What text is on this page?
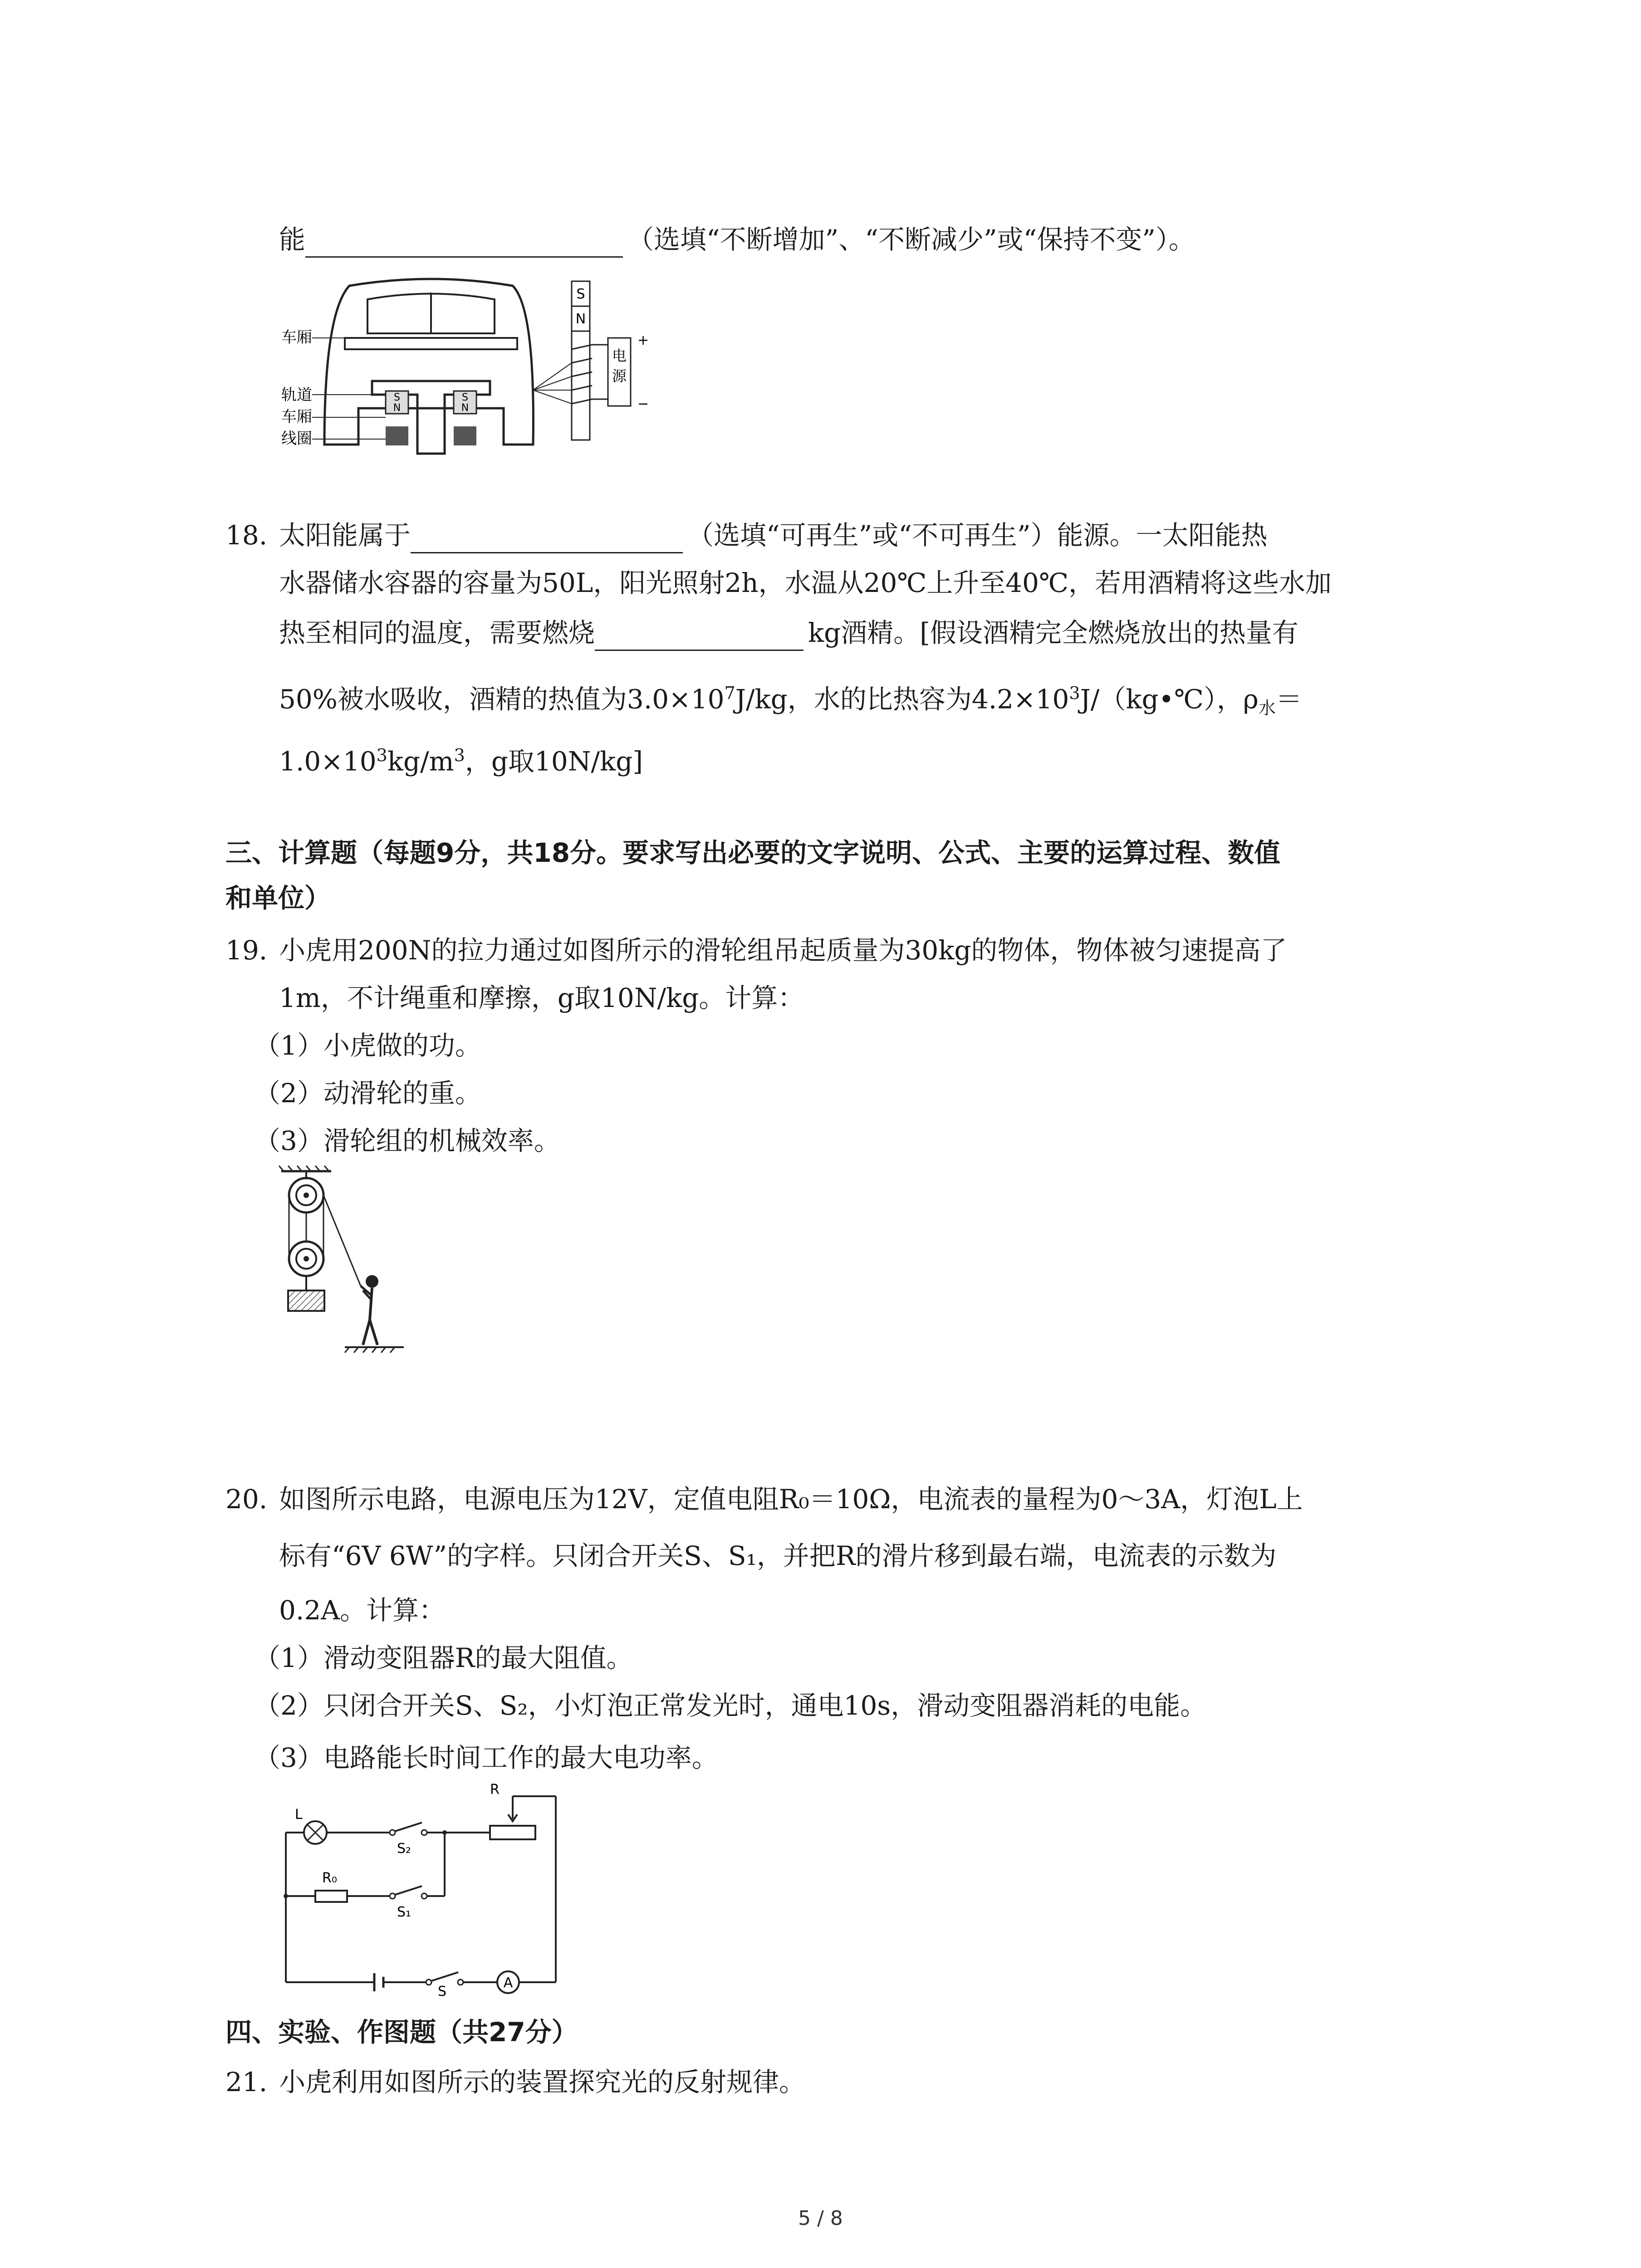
能	（选填“不断增加”、“不断减少”或“保持不变”）。
S
N
S
N
车厢
轨道
车厢
线圈
S
N
电
源
+
−
18. 太阳能属于	（选填“可再生”或“不可再生”）能源。一太阳能热
水器储水容器的容量为50L，阳光照射2h，水温从20℃上升至40℃，若用酒精将这些水加
热至相同的温度，需要燃烧	kg酒精。[假设酒精完全燃烧放出的热量有
50%被水吸收，酒精的热值为$3.0\times 10^7J/kg$，水的比热容为$4.2\times 10^3J/(kg•℃)$，$\rho_水=$
$1.0\times 10^3kg/m^3$，g取10N/kg]
三、计算题（每题9分，共18分。要求写出必要的文字说明、公式、主要的运算过程、数值
和单位）
19. 小虎用200N的拉力通过如图所示的滑轮组吊起质量为30kg的物体，物体被匀速提高了
1m，不计绳重和摩擦，g取10N/kg。计算：
（1）小虎做的功。
（2）动滑轮的重。
（3）滑轮组的机械效率。
20. 如图所示电路，电源电压为12V，定值电阻R₀＝10Ω，电流表的量程为0～3A，灯泡L上
标有“6V 6W”的字样。只闭合开关S、S₁，并把R的滑片移到最右端，电流表的示数为
0.2A。计算：
（1）滑动变阻器R的最大阻值。
（2）只闭合开关S、S₂，小灯泡正常发光时，通电10s，滑动变阻器消耗的电能。
（3）电路能长时间工作的最大电功率。
S
A
R
L
S₂
R₀
S₁
四、实验、作图题（共27分）
21. 小虎利用如图所示的装置探究光的反射规律。
5 / 8
